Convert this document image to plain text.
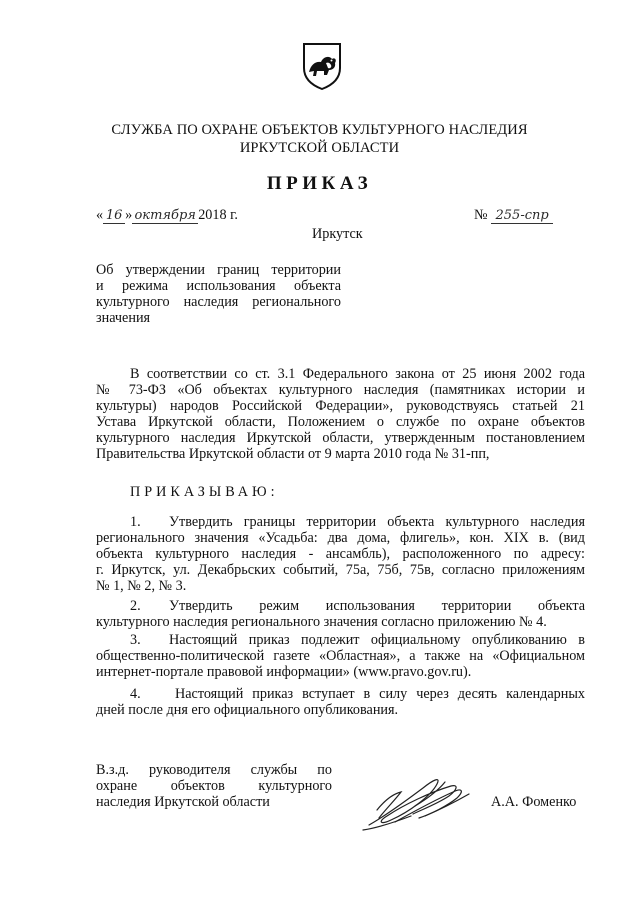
СЛУЖБА ПО ОХРАНЕ ОБЪЕКТОВ КУЛЬТУРНОГО НАСЛЕДИЯ
ИРКУТСКОЙ ОБЛАСТИ
ПРИКАЗ
« 16 » октября 2018 г.
Иркутск
№ 255-спр
Об утверждении границ территории
и режима использования объекта
культурного наследия регионального
значения
В соответствии со ст. 3.1 Федерального закона от 25 июня 2002 года
№ 73-ФЗ «Об объектах культурного наследия (памятниках истории и
культуры) народов Российской Федерации», руководствуясь статьей 21
Устава Иркутской области, Положением о службе по охране объектов
культурного наследия Иркутской области, утвержденным постановлением
Правительства Иркутской области от 9 марта 2010 года № 31-пп,
ПРИКАЗЫВАЮ:
1. Утвердить границы территории объекта культурного наследия
регионального значения «Усадьба: два дома, флигель», кон. XIX в. (вид
объекта культурного наследия - ансамбль), расположенного по адресу:
г. Иркутск, ул. Декабрьских событий, 75а, 75б, 75в, согласно приложениям
№ 1, № 2, № 3.
2. Утвердить режим использования территории объекта
культурного наследия регионального значения согласно приложению № 4.
3. Настоящий приказ подлежит официальному опубликованию в
общественно-политической газете «Областная», а также на «Официальном
интернет-портале правовой информации» (www.pravo.gov.ru).
4. Настоящий приказ вступает в силу через десять календарных
дней после дня его официального опубликования.
В.з.д. руководителя службы по
охране объектов культурного
наследия Иркутской области	А.А. Фоменко
